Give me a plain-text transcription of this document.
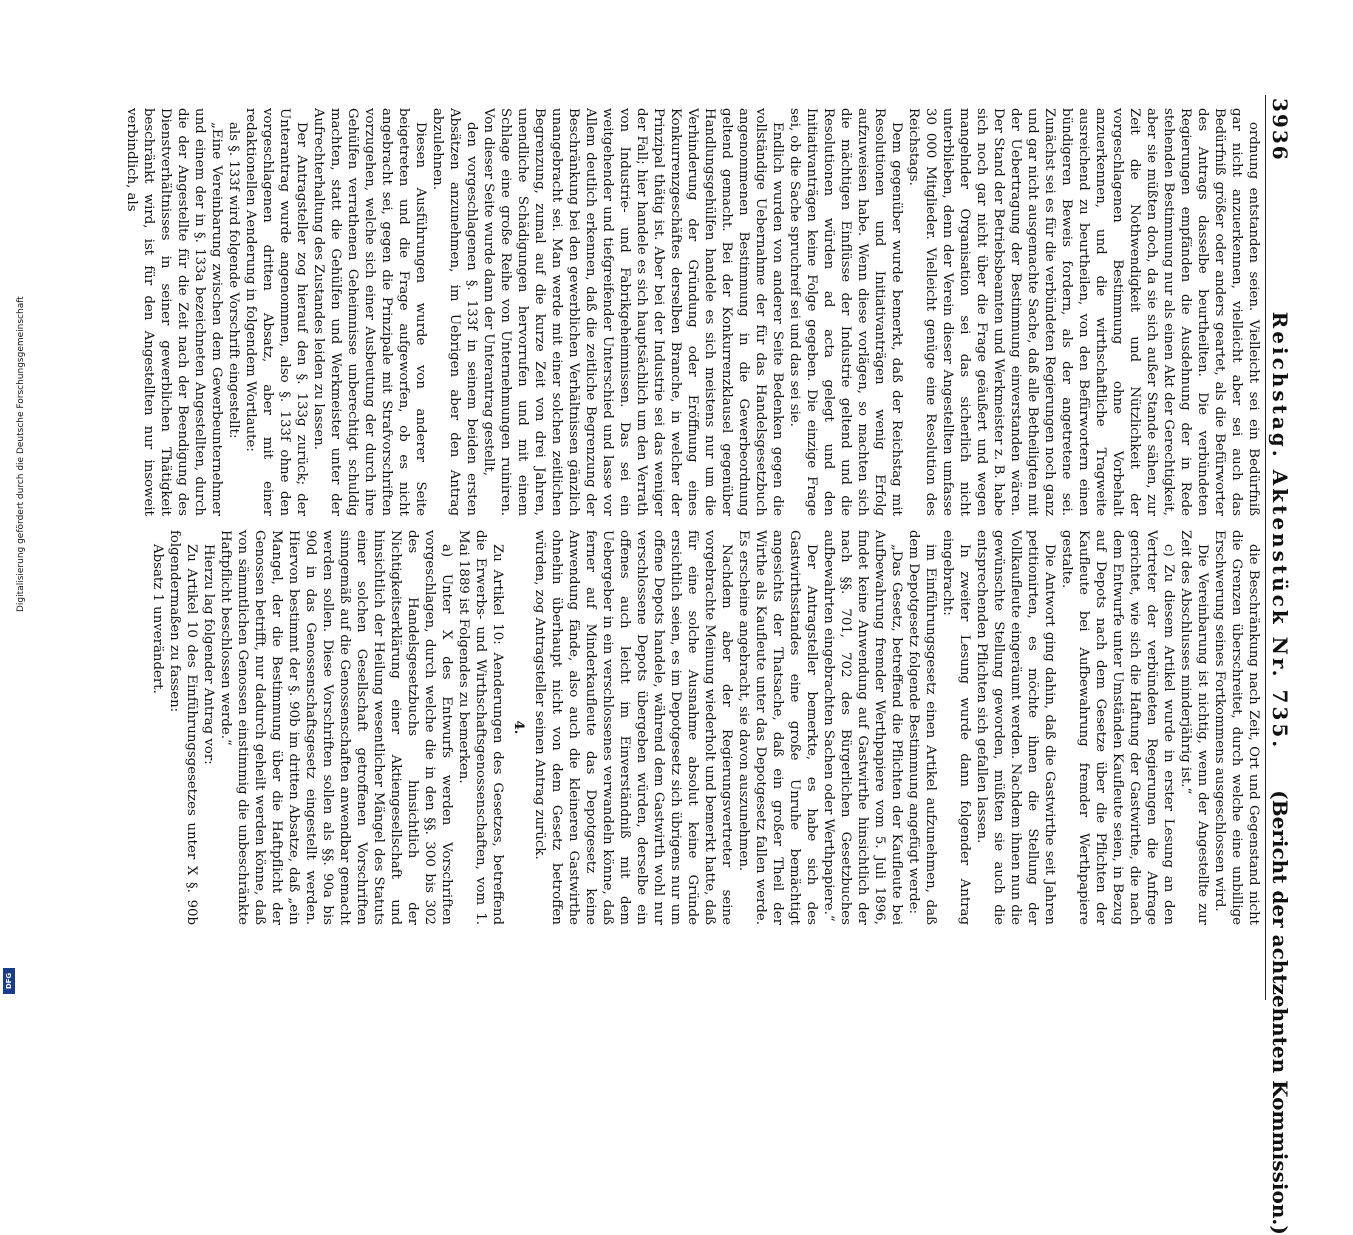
3936
Reichstag. Aktenstück Nr. 735.
(Bericht der achtzehnten Kommission.)

ordnung entstanden seien. Vielleicht sei ein Bedürfniß gar nicht anzuerkennen, vielleicht aber sei auch das Bedürfniß größer oder anders geartet, als die Befürworter des Antrags dasselbe beurtheilten. Die verbündeten Regierungen empfänden die Ausdehnung der in Rede stehenden Bestimmung nur als einen Akt der Gerechtigkeit, aber sie müßten doch, da sie sich außer Stande sähen, zur Zeit die Nothwendigkeit und Nützlichkeit der vorgeschlagenen Bestimmung ohne Vorbehalt anzuerkennen, und die wirthschaftliche Tragweite ausreichend zu beurtheilen, von den Befürwortern einen bündigeren Beweis fordern, als der angetretene sei. Zunächst sei es für die verbündeten Regierungen noch ganz und gar nicht ausgemachte Sache, daß alle Betheiligten mit der Uebertragung der Bestimmung einverstanden wären. Der Stand der Betriebsbeamten und Werkmeister z. B. habe sich noch gar nicht über die Frage geäußert und wegen mangelnder Organisation sei das sicherlich nicht unterblieben, denn der Verein dieser Angestellten umfasse 30 000 Mitglieder. Vielleicht genüge eine Resolution des Reichstags.

Dem gegenüber wurde bemerkt, daß der Reichstag mit Resolutionen und Initiativanträgen wenig Erfolg aufzuweisen habe. Wenn diese vorlägen, so machten sich die mächtigen Einflüsse der Industrie geltend und die Resolutionen würden ad acta gelegt und den Initiativanträgen keine Folge gegeben. Die einzige Frage sei, ob die Sache spruchreif sei und das sei sie.

Endlich wurden von anderer Seite Bedenken gegen die vollständige Uebernahme der für das Handelsgesetzbuch angenommenen Bestimmung in die Gewerbeordnung geltend gemacht. Bei der Konkurrenzklausel gegenüber Handlungsgehülfen handele es sich meistens nur um die Verhinderung der Gründung oder Eröffnung eines Konkurrenzgeschäftes derselben Branche, in welcher der Prinzipal thätig ist. Aber bei der Industrie sei das weniger der Fall; hier handele es sich hauptsächlich um den Verrath von Industrie- und Fabrikgeheimnissen. Das sei ein weitgehender und tiefgreifender Unterschied und lasse vor Allem deutlich erkennen, daß die zeitliche Begrenzung der Beschränkung bei den gewerblichen Verhältnissen gänzlich unangebracht sei. Man werde mit einer solchen zeitlichen Begrenzung, zumal auf die kurze Zeit von drei Jahren, unendliche Schädigungen hervorrufen und mit einem Schlage eine große Reihe von Unternehmungen ruiniren. Von dieser Seite wurde dann der Unterantrag gestellt,

den vorgeschlagenen §. 133f in seinem beiden ersten Absätzen anzunehmen, im Uebrigen aber den Antrag abzulehnen.

Diesen Ausführungen wurde von anderer Seite beigetreten und die Frage aufgeworfen, ob es nicht angebracht sei, gegen die Prinzipale mit Strafvorschriften vorzugehen, welche sich einer Ausbeutung der durch ihre Gehülfen verrathenen Geheimnisse unberechtigt schuldig machten, statt die Gehülfen und Werkmeister unter der Aufrechterhaltung des Zustandes leiden zu lassen.

Der Antragsteller zog hierauf den §. 133g zurück; der Unterantrag wurde angenommen, also §. 133f ohne den vorgeschlagenen dritten Absatz, aber mit einer redaktionellen Aenderung in folgendem Wortlaute:

als §. 133f wird folgende Vorschrift eingestellt:

„Eine Vereinbarung zwischen dem Gewerbeunternehmer und einem der in §. 133a bezeichneten Angestellten, durch die der Angestellte für die Zeit nach der Beendigung des Dienstverhältnisses in seiner gewerblichen Thätigkeit beschränkt wird, ist für den Angestellten nur insoweit verbindlich, als

die Beschränkung nach Zeit, Ort und Gegenstand nicht die Grenzen überschreitet, durch welche eine unbillige Erschwerung seines Fortkommens ausgeschlossen wird.

Die Vereinbarung ist nichtig, wenn der Angestellte zur Zeit des Abschlusses minderjährig ist.“

c) Zu diesem Artikel wurde in erster Lesung an den Vertreter der verbündeten Regierungen die Anfrage gerichtet, wie sich die Haftung der Gastwirthe, die nach dem Entwurfe unter Umständen Kaufleute seien, in Bezug auf Depots nach dem Gesetze über die Pflichten der Kaufleute bei Aufbewahrung fremder Werthpapiere gestalte.

Die Antwort ging dahin, daß die Gastwirthe seit Jahren petitionirten, es möchte ihnen die Stellung der Vollkaufleute eingeräumt werden. Nachdem ihnen nun die gewünschte Stellung geworden, müßten sie auch die entsprechenden Pflichten sich gefallen lassen.

In zweiter Lesung wurde dann folgender Antrag eingebracht:

im Einführungsgesetz einen Artikel aufzunehmen, daß dem Depotgesetz folgende Bestimmung angefügt werde:

„Das Gesetz, betreffend die Pflichten der Kaufleute bei Aufbewahrung fremder Werthpapiere vom 5. Juli 1896, findet keine Anwendung auf Gastwirthe hinsichtlich der nach §§. 701, 702 des Bürgerlichen Gesetzbuches aufbewahrten eingebrachten Sachen oder Werthpapiere.“

Der Antragsteller bemerkte, es habe sich des Gastwirthsstandes eine große Unruhe bemächtigt angesichts der Thatsache, daß ein großer Theil der Wirthe als Kaufleute unter das Depotgesetz fallen werde. Es erscheine angebracht, sie davon auszunehmen.

Nachdem aber der Regierungsvertreter seine vorgebrachte Meinung wiederholt und bemerkt hatte, daß für eine solche Ausnahme absolut keine Gründe ersichtlich seien, es im Depotgesetz sich übrigens nur um offene Depots handele, während dem Gastwirth wohl nur verschlossene Depots übergeben würden, derselbe ein offenes auch leicht im Einverständniß mit dem Uebergeber in ein verschlossenes verwandeln könne, daß ferner auf Minderkaufleute das Depotgesetz keine Anwendung fände, also auch die kleineren Gastwirthe ohnehin überhaupt nicht von dem Gesetz betroffen würden, zog Antragsteller seinen Antrag zurück.

4.

Zu Artikel 10: Aenderungen des Gesetzes, betreffend die Erwerbs- und Wirthschaftsgenossenschaften, vom 1. Mai 1889 ist Folgendes zu bemerken.

a) Unter X des Entwurfs werden Vorschriften vorgeschlagen, durch welche die in den §§. 300 bis 302 des Handelsgesetzbuchs hinsichtlich der Nichtigkeitserklärung einer Aktiengesellschaft und hinsichtlich der Heilung wesentlicher Mängel des Statuts einer solchen Gesellschaft getroffenen Vorschriften sinngemäß auf die Genossenschaften anwendbar gemacht werden sollen. Diese Vorschriften sollen als §§. 90a bis 90d in das Genossenschaftsgesetz eingestellt werden. Hiervon bestimmt der §. 90b im dritten Absatze, daß „ein Mangel, der die Bestimmung über die Haftpflicht der Genossen betrifft, nur dadurch geheilt werden könne, daß von sämmtlichen Genossen einstimmig die unbeschränkte Haftpflicht beschlossen werde.“

Hierzu lag folgender Antrag vor:

Zu Artikel 10 des Einführungsgesetzes unter X §. 90b folgendermaßen zu fassen:

Absatz 1 unverändert.

Digitalisierung gefördert durch die Deutsche Forschungsgemeinschaft
DFG
